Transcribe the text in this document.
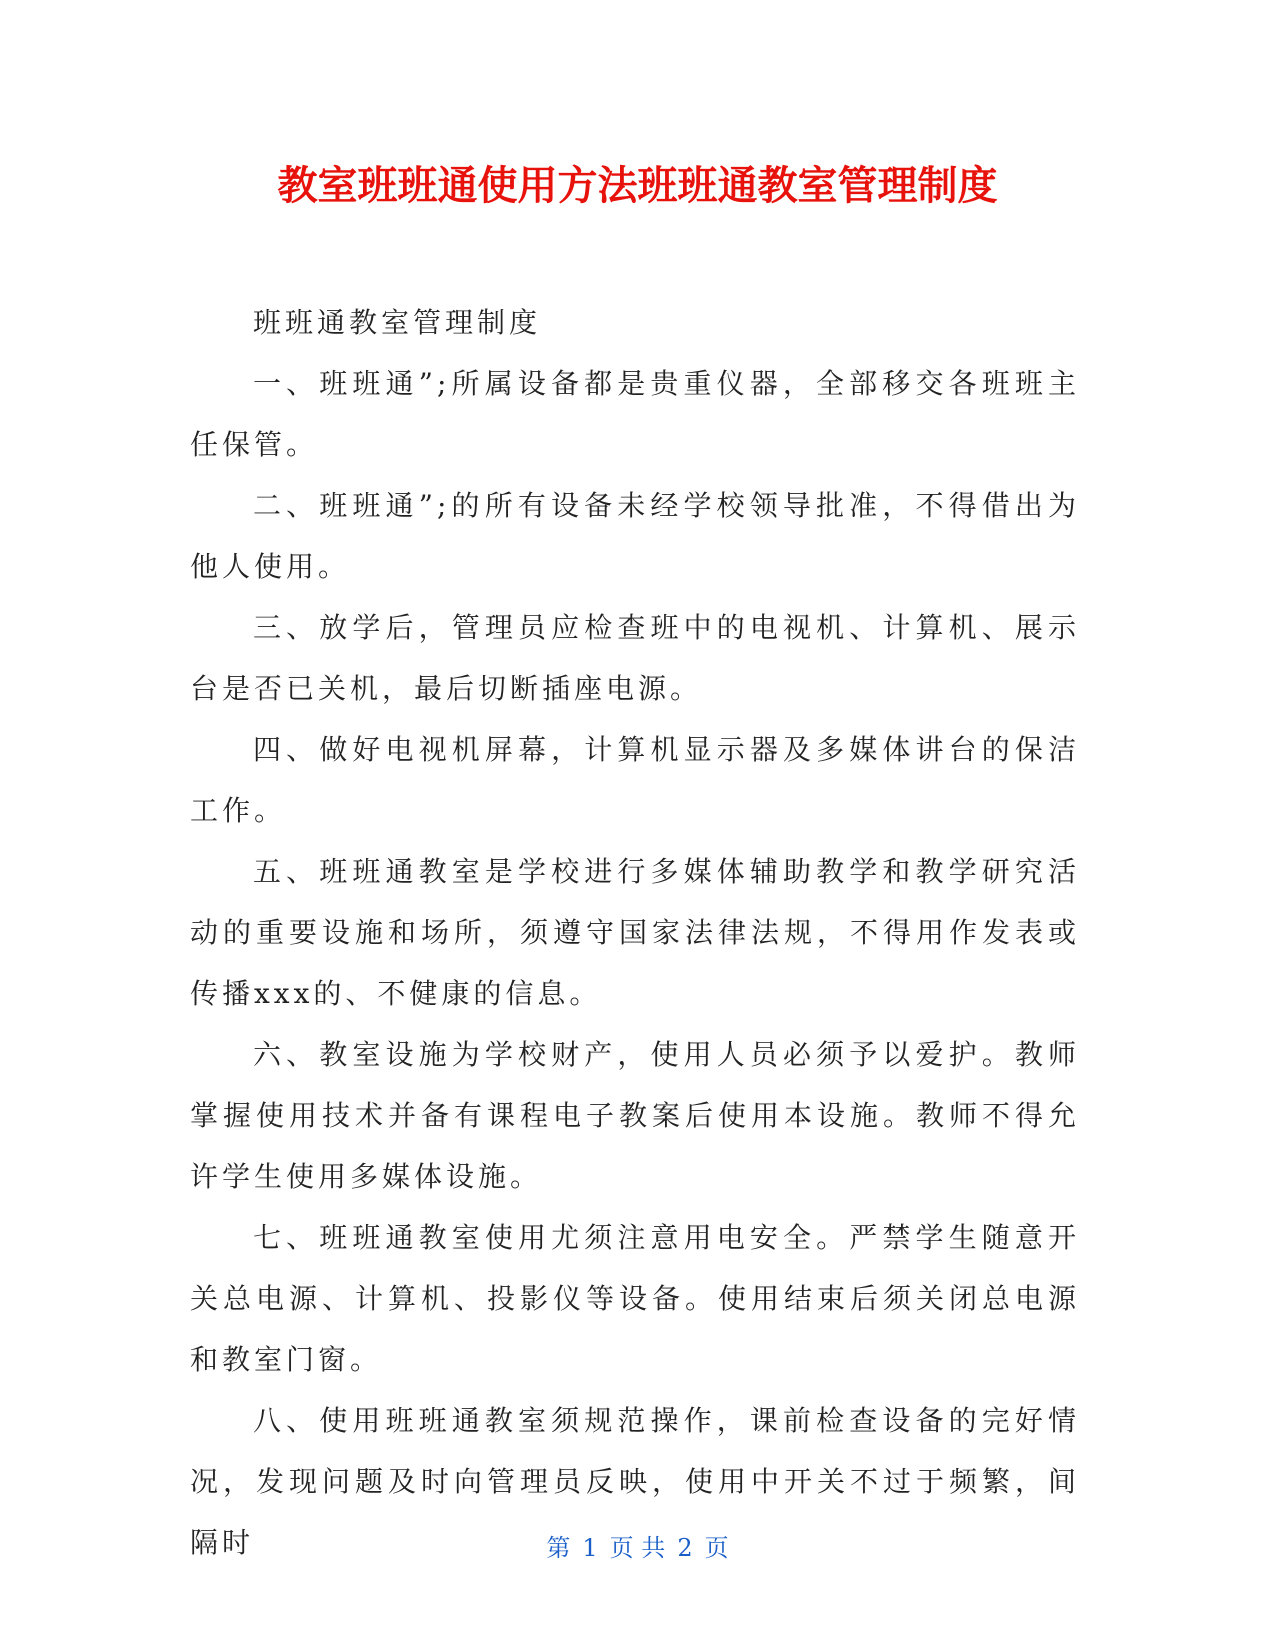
教室班班通使用方法班班通教室管理制度

班班通教室管理制度

一、班班通”;所属设备都是贵重仪器，全部移交各班班主任保管。

二、班班通”;的所有设备未经学校领导批准，不得借出为他人使用。

三、放学后，管理员应检查班中的电视机、计算机、展示台是否已关机，最后切断插座电源。

四、做好电视机屏幕，计算机显示器及多媒体讲台的保洁工作。

五、班班通教室是学校进行多媒体辅助教学和教学研究活动的重要设施和场所，须遵守国家法律法规，不得用作发表或传播xxx的、不健康的信息。

六、教室设施为学校财产，使用人员必须予以爱护。教师掌握使用技术并备有课程电子教案后使用本设施。教师不得允许学生使用多媒体设施。

七、班班通教室使用尤须注意用电安全。严禁学生随意开关总电源、计算机、投影仪等设备。使用结束后须关闭总电源和教室门窗。

八、使用班班通教室须规范操作，课前检查设备的完好情况，发现问题及时向管理员反映，使用中开关不过于频繁，间隔时	第 1 页 共 2 页
